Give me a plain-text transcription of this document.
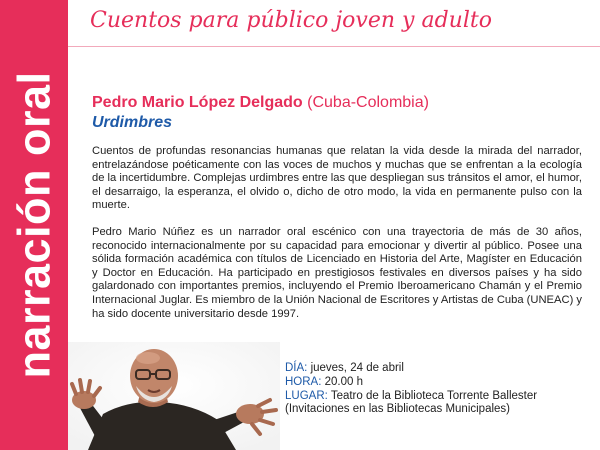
narración oral
Cuentos para público joven y adulto
Pedro Mario López Delgado (Cuba-Colombia)
Urdimbres
Cuentos de profundas resonancias humanas que relatan la vida desde la mirada del narrador, entrelazándose poéticamente con las voces de muchos y muchas que se enfrentan a la ecología de la incertidumbre. Complejas urdimbres entre las que despliegan sus tránsitos el amor, el humor, el desarraigo, la esperanza, el olvido o, dicho de otro modo, la vida en permanente pulso con la muerte.
Pedro Mario Núñez es un narrador oral escénico con una trayectoria de más de 30 años, reconocido internacionalmente por su capacidad para emocionar y divertir al público. Posee una sólida formación académica con títulos de Licenciado en Historia del Arte, Magíster en Educación y Doctor en Educación. Ha participado en prestigiosos festivales en diversos países y ha sido galardonado con importantes premios, incluyendo el Premio Iberoamericano Chamán y el Premio Internacional Juglar. Es miembro de la Unión Nacional de Escritores y Artistas de Cuba (UNEAC) y ha sido docente universitario desde 1997.
DÍA: jueves, 24 de abril
HORA: 20.00 h
LUGAR: Teatro de la Biblioteca Torrente Ballester
(Invitaciones en las Bibliotecas Municipales)
